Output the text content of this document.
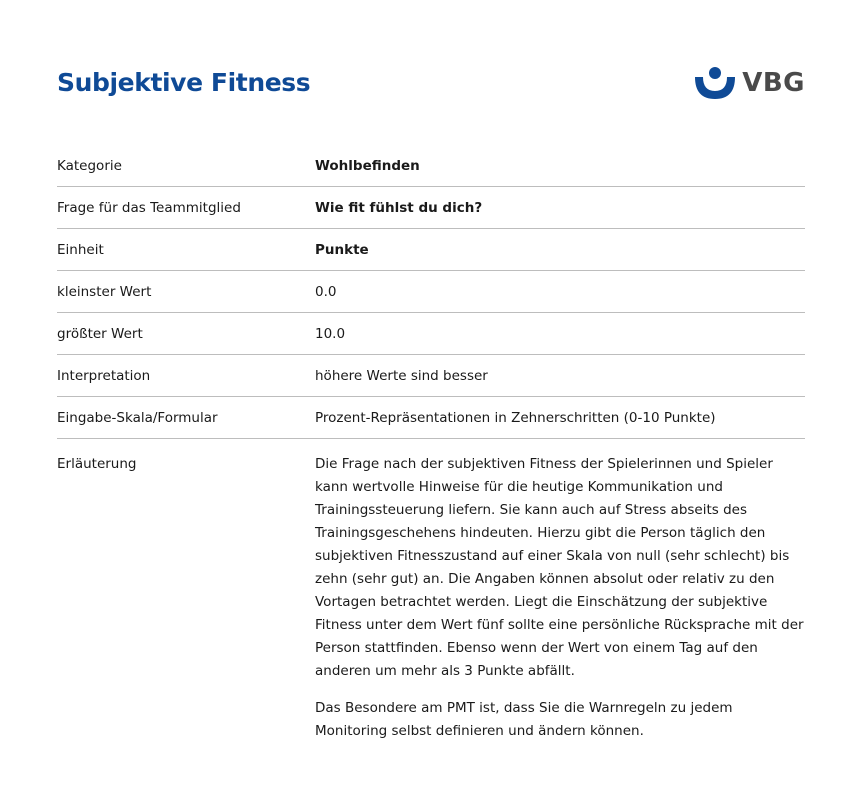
Subjektive Fitness	VBG
Kategorie	Wohlbefinden
Frage für das Teammitglied	Wie fit fühlst du dich?
Einheit	Punkte
kleinster Wert	0.0
größter Wert	10.0
Interpretation	höhere Werte sind besser
Eingabe-Skala/Formular	Prozent-Repräsentationen in Zehnerschritten (0-10 Punkte)
Erläuterung	Die Frage nach der subjektiven Fitness der Spielerinnen und Spieler kann wertvolle Hinweise für die heutige Kommunikation und Trainingssteuerung liefern. Sie kann auch auf Stress abseits des Trainingsgeschehens hindeuten. Hierzu gibt die Person täglich den subjektiven Fitnesszustand auf einer Skala von null (sehr schlecht) bis zehn (sehr gut) an. Die Angaben können absolut oder relativ zu den Vortagen betrachtet werden. Liegt die Einschätzung der subjektive Fitness unter dem Wert fünf sollte eine persönliche Rücksprache mit der Person stattfinden. Ebenso wenn der Wert von einem Tag auf den anderen um mehr als 3 Punkte abfällt.

Das Besondere am PMT ist, dass Sie die Warnregeln zu jedem Monitoring selbst definieren und ändern können.
